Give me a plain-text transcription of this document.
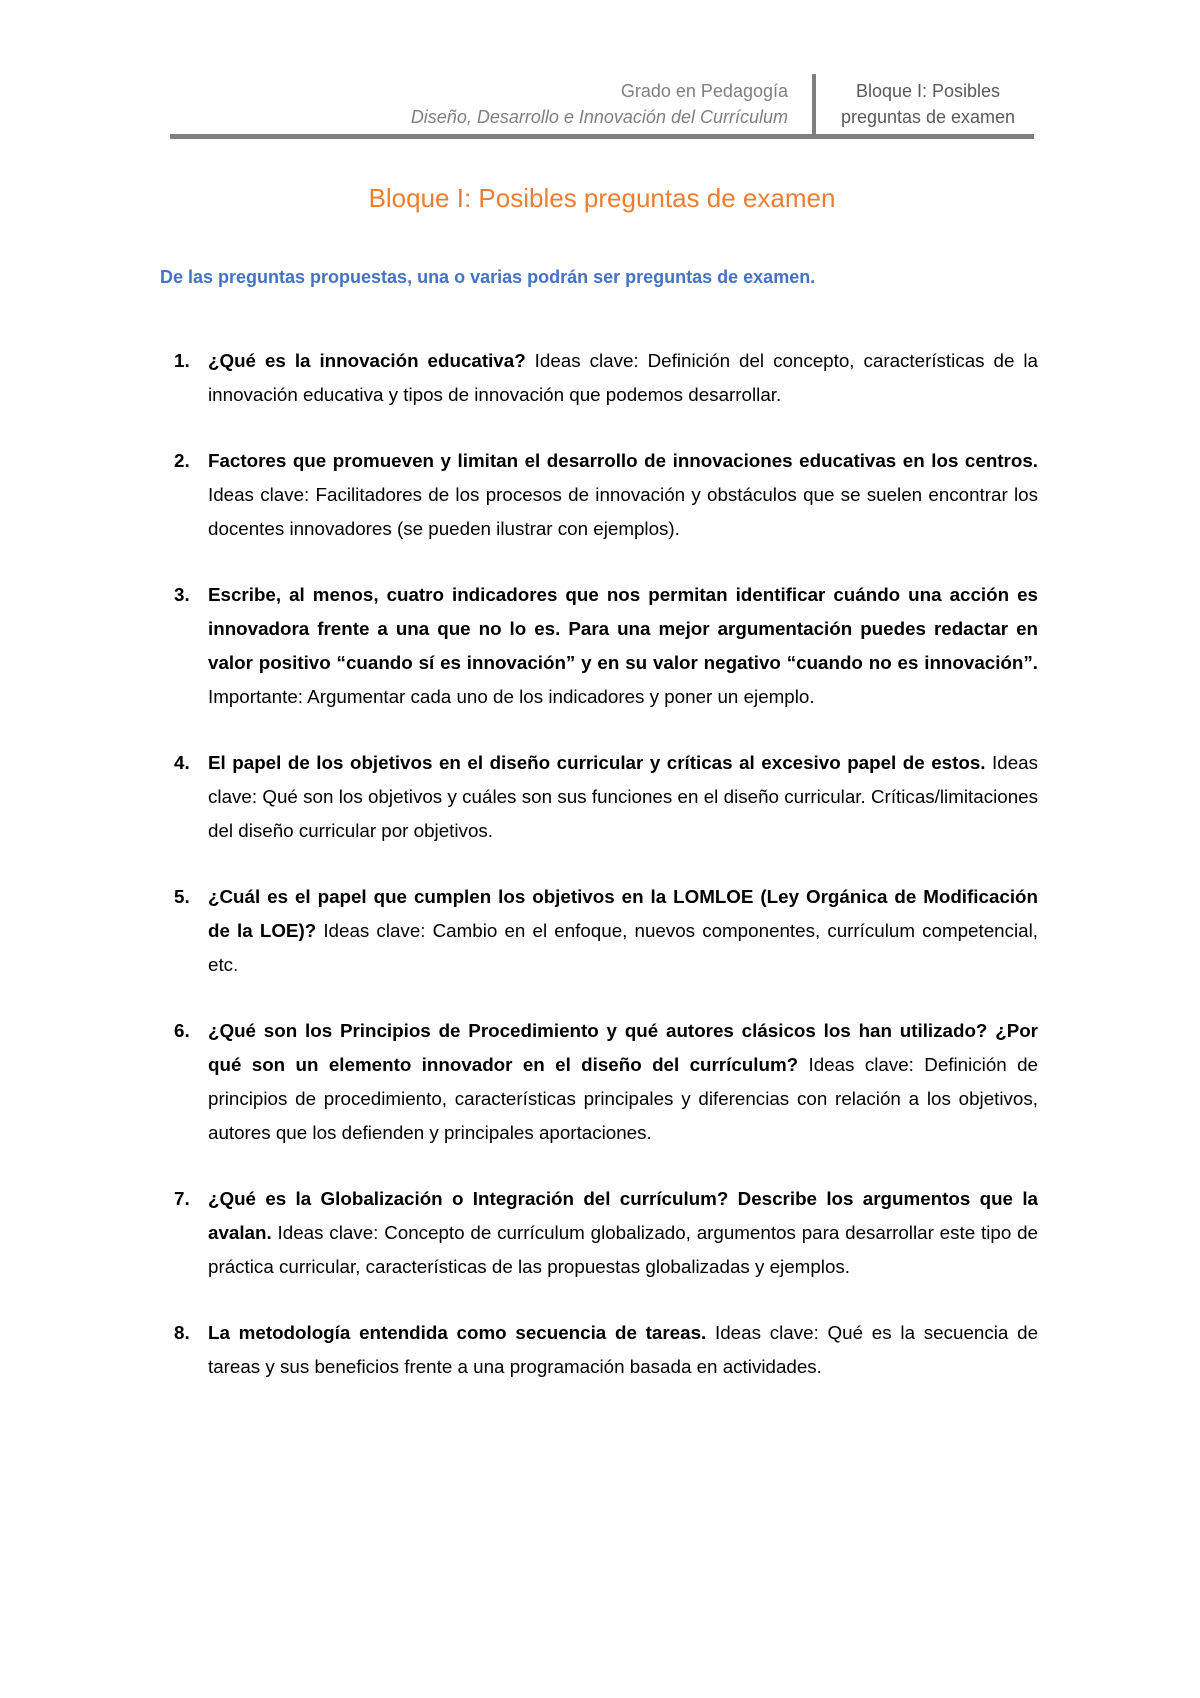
Grado en Pedagogía
Diseño, Desarrollo e Innovación del Currículum
Bloque I: Posibles
preguntas de examen
Bloque I: Posibles preguntas de examen
De las preguntas propuestas, una o varias podrán ser preguntas de examen.
1. ¿Qué es la innovación educativa? Ideas clave: Definición del concepto, características de la innovación educativa y tipos de innovación que podemos desarrollar.
2. Factores que promueven y limitan el desarrollo de innovaciones educativas en los centros. Ideas clave: Facilitadores de los procesos de innovación y obstáculos que se suelen encontrar los docentes innovadores (se pueden ilustrar con ejemplos).
3. Escribe, al menos, cuatro indicadores que nos permitan identificar cuándo una acción es innovadora frente a una que no lo es. Para una mejor argumentación puedes redactar en valor positivo “cuando sí es innovación” y en su valor negativo “cuando no es innovación”. Importante: Argumentar cada uno de los indicadores y poner un ejemplo.
4. El papel de los objetivos en el diseño curricular y críticas al excesivo papel de estos. Ideas clave: Qué son los objetivos y cuáles son sus funciones en el diseño curricular. Críticas/limitaciones del diseño curricular por objetivos.
5. ¿Cuál es el papel que cumplen los objetivos en la LOMLOE (Ley Orgánica de Modificación de la LOE)? Ideas clave: Cambio en el enfoque, nuevos componentes, currículum competencial, etc.
6. ¿Qué son los Principios de Procedimiento y qué autores clásicos los han utilizado? ¿Por qué son un elemento innovador en el diseño del currículum? Ideas clave: Definición de principios de procedimiento, características principales y diferencias con relación a los objetivos, autores que los defienden y principales aportaciones.
7. ¿Qué es la Globalización o Integración del currículum? Describe los argumentos que la avalan. Ideas clave: Concepto de currículum globalizado, argumentos para desarrollar este tipo de práctica curricular, características de las propuestas globalizadas y ejemplos.
8. La metodología entendida como secuencia de tareas. Ideas clave: Qué es la secuencia de tareas y sus beneficios frente a una programación basada en actividades.
